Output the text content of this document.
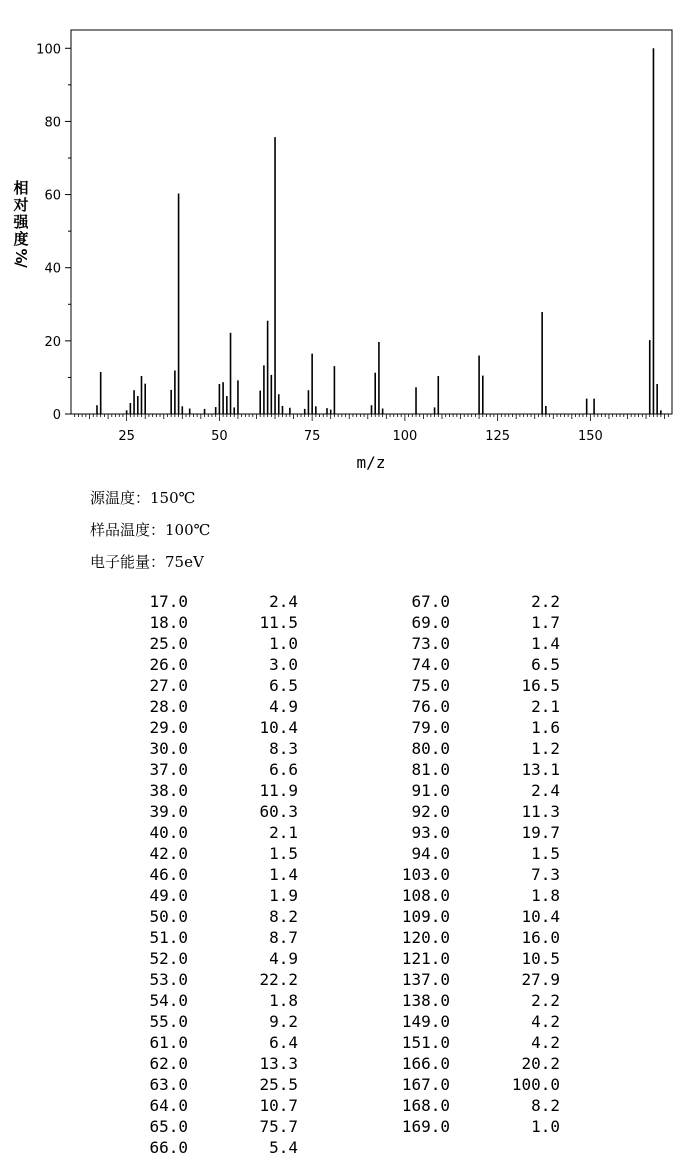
0
20
40
60
80
100
25	50	75	100	125	150
m/z
相
对
强
度
%
/
源温度：150℃
样品温度：100℃
电子能量：75eV
17.0	2.4
18.0	11.5
25.0	1.0
26.0	3.0
27.0	6.5
28.0	4.9
29.0	10.4
30.0	8.3
37.0	6.6
38.0	11.9
39.0	60.3
40.0	2.1
42.0	1.5
46.0	1.4
49.0	1.9
50.0	8.2
51.0	8.7
52.0	4.9
53.0	22.2
54.0	1.8
55.0	9.2
61.0	6.4
62.0	13.3
63.0	25.5
64.0	10.7
65.0	75.7
66.0	5.4
67.0	2.2
69.0	1.7
73.0	1.4
74.0	6.5
75.0	16.5
76.0	2.1
79.0	1.6
80.0	1.2
81.0	13.1
91.0	2.4
92.0	11.3
93.0	19.7
94.0	1.5
103.0	7.3
108.0	1.8
109.0	10.4
120.0	16.0
121.0	10.5
137.0	27.9
138.0	2.2
149.0	4.2
151.0	4.2
166.0	20.2
167.0	100.0
168.0	8.2
169.0	1.0
